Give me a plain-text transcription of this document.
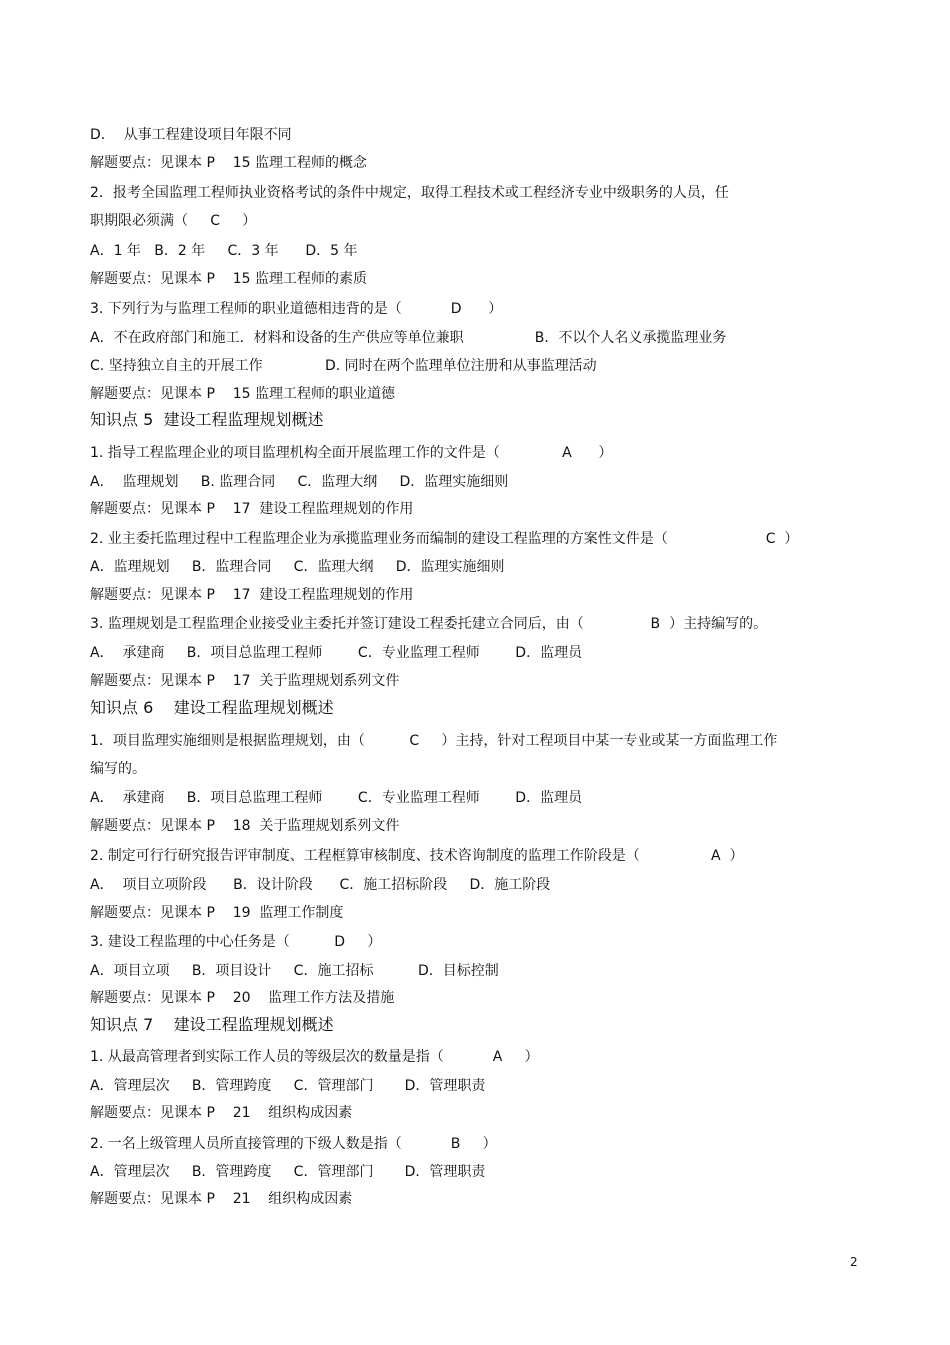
D．  从事工程建设项目年限不同
解题要点：见课本 P    15 监理工程师的概念
2．报考全国监理工程师执业资格考试的条件中规定，取得工程技术或工程经济专业中级职务的人员，任
职期限必须满（     C     ）
A．1 年   B．2 年     C．3 年      D．5 年
解题要点：见课本 P    15 监理工程师的素质
3. 下列行为与监理工程师的职业道德相违背的是（           D      ）
A．不在政府部门和施工．材料和设备的生产供应等单位兼职                B．不以个人名义承揽监理业务
C. 坚持独立自主的开展工作              D. 同时在两个监理单位注册和从事监理活动
解题要点：见课本 P    15 监理工程师的职业道德
知识点 5  建设工程监理规划概述
1. 指导工程监理企业的项目监理机构全面开展监理工作的文件是（              A      ）
A．  监理规划     B. 监理合同     C．监理大纲     D．监理实施细则
解题要点：见课本 P    17  建设工程监理规划的作用
2. 业主委托监理过程中工程监理企业为承揽监理业务而编制的建设工程监理的方案性文件是（                      C  ）
A．监理规划     B．监理合同     C．监理大纲     D．监理实施细则
解题要点：见课本 P    17  建设工程监理规划的作用
3. 监理规划是工程监理企业接受业主委托并签订建设工程委托建立合同后，由（               B  ）主持编写的。
A．  承建商     B．项目总监理工程师        C．专业监理工程师        D．监理员
解题要点：见课本 P    17  关于监理规划系列文件
知识点 6    建设工程监理规划概述
1．项目监理实施细则是根据监理规划，由（          C     ）主持，针对工程项目中某一专业或某一方面监理工作
编写的。
A．  承建商     B．项目总监理工程师        C．专业监理工程师        D．监理员
解题要点：见课本 P    18  关于监理规划系列文件
2. 制定可行行研究报告评审制度、工程框算审核制度、技术咨询制度的监理工作阶段是（                A  ）
A．  项目立项阶段      B．设计阶段      C．施工招标阶段     D．施工阶段
解题要点：见课本 P    19  监理工作制度
3. 建设工程监理的中心任务是（          D     ）
A．项目立项     B．项目设计     C．施工招标          D．目标控制
解题要点：见课本 P    20    监理工作方法及措施
知识点 7    建设工程监理规划概述
1. 从最高管理者到实际工作人员的等级层次的数量是指（           A     ）
A．管理层次     B．管理跨度     C．管理部门       D．管理职责
解题要点：见课本 P    21    组织构成因素
2. 一名上级管理人员所直接管理的下级人数是指（           B     ）
A．管理层次     B．管理跨度     C．管理部门       D．管理职责
解题要点：见课本 P    21    组织构成因素
2
